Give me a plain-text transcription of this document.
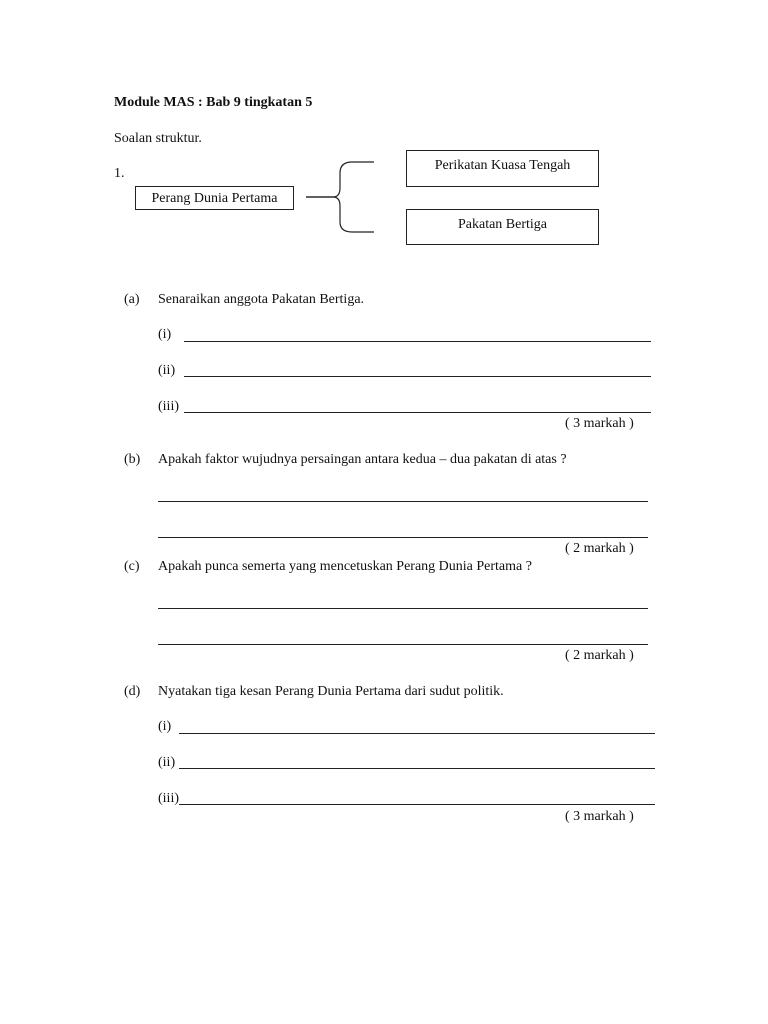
Module MAS : Bab 9 tingkatan 5
Soalan struktur.
1.
Perang Dunia Pertama
Perikatan Kuasa Tengah
Pakatan Bertiga
(a) Senaraikan anggota Pakatan Bertiga.
(i)
(ii)
(iii)
( 3 markah )
(b) Apakah faktor wujudnya persaingan antara kedua – dua pakatan di atas ?
( 2 markah )
(c) Apakah punca semerta yang mencetuskan Perang Dunia Pertama ?
( 2 markah )
(d) Nyatakan tiga kesan Perang Dunia Pertama dari sudut politik.
(i)
(ii)
(iii)
( 3 markah )
